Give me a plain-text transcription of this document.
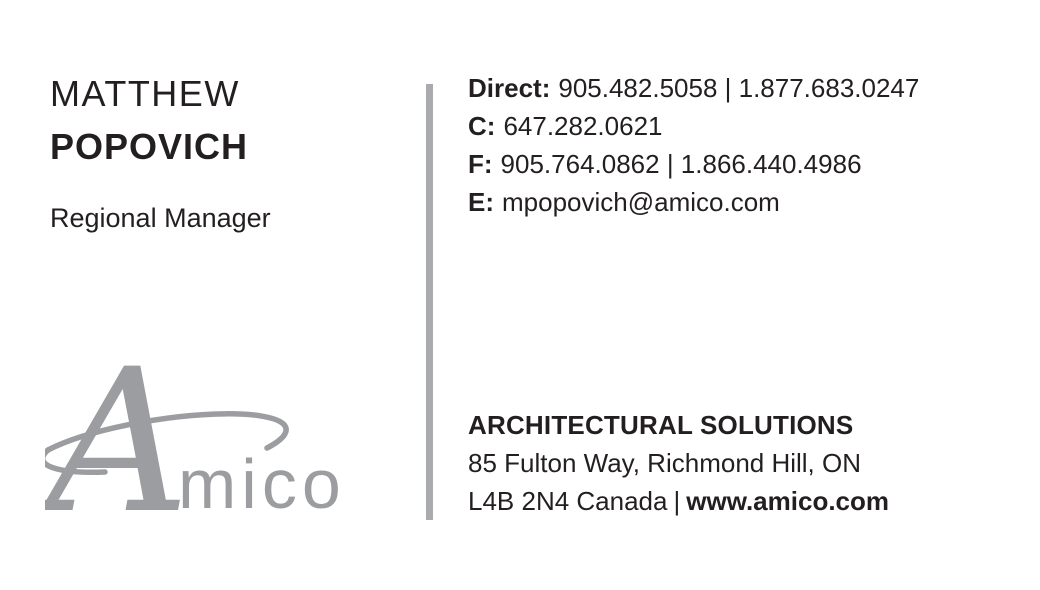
MATTHEW
POPOVICH
Regional Manager
A
mico
Direct: 905.482.5058 | 1.877.683.0247
C: 647.282.0621
F: 905.764.0862 | 1.866.440.4986
E: mpopovich@amico.com
ARCHITECTURAL SOLUTIONS
85 Fulton Way, Richmond Hill, ON
L4B 2N4 Canada | www.amico.com
